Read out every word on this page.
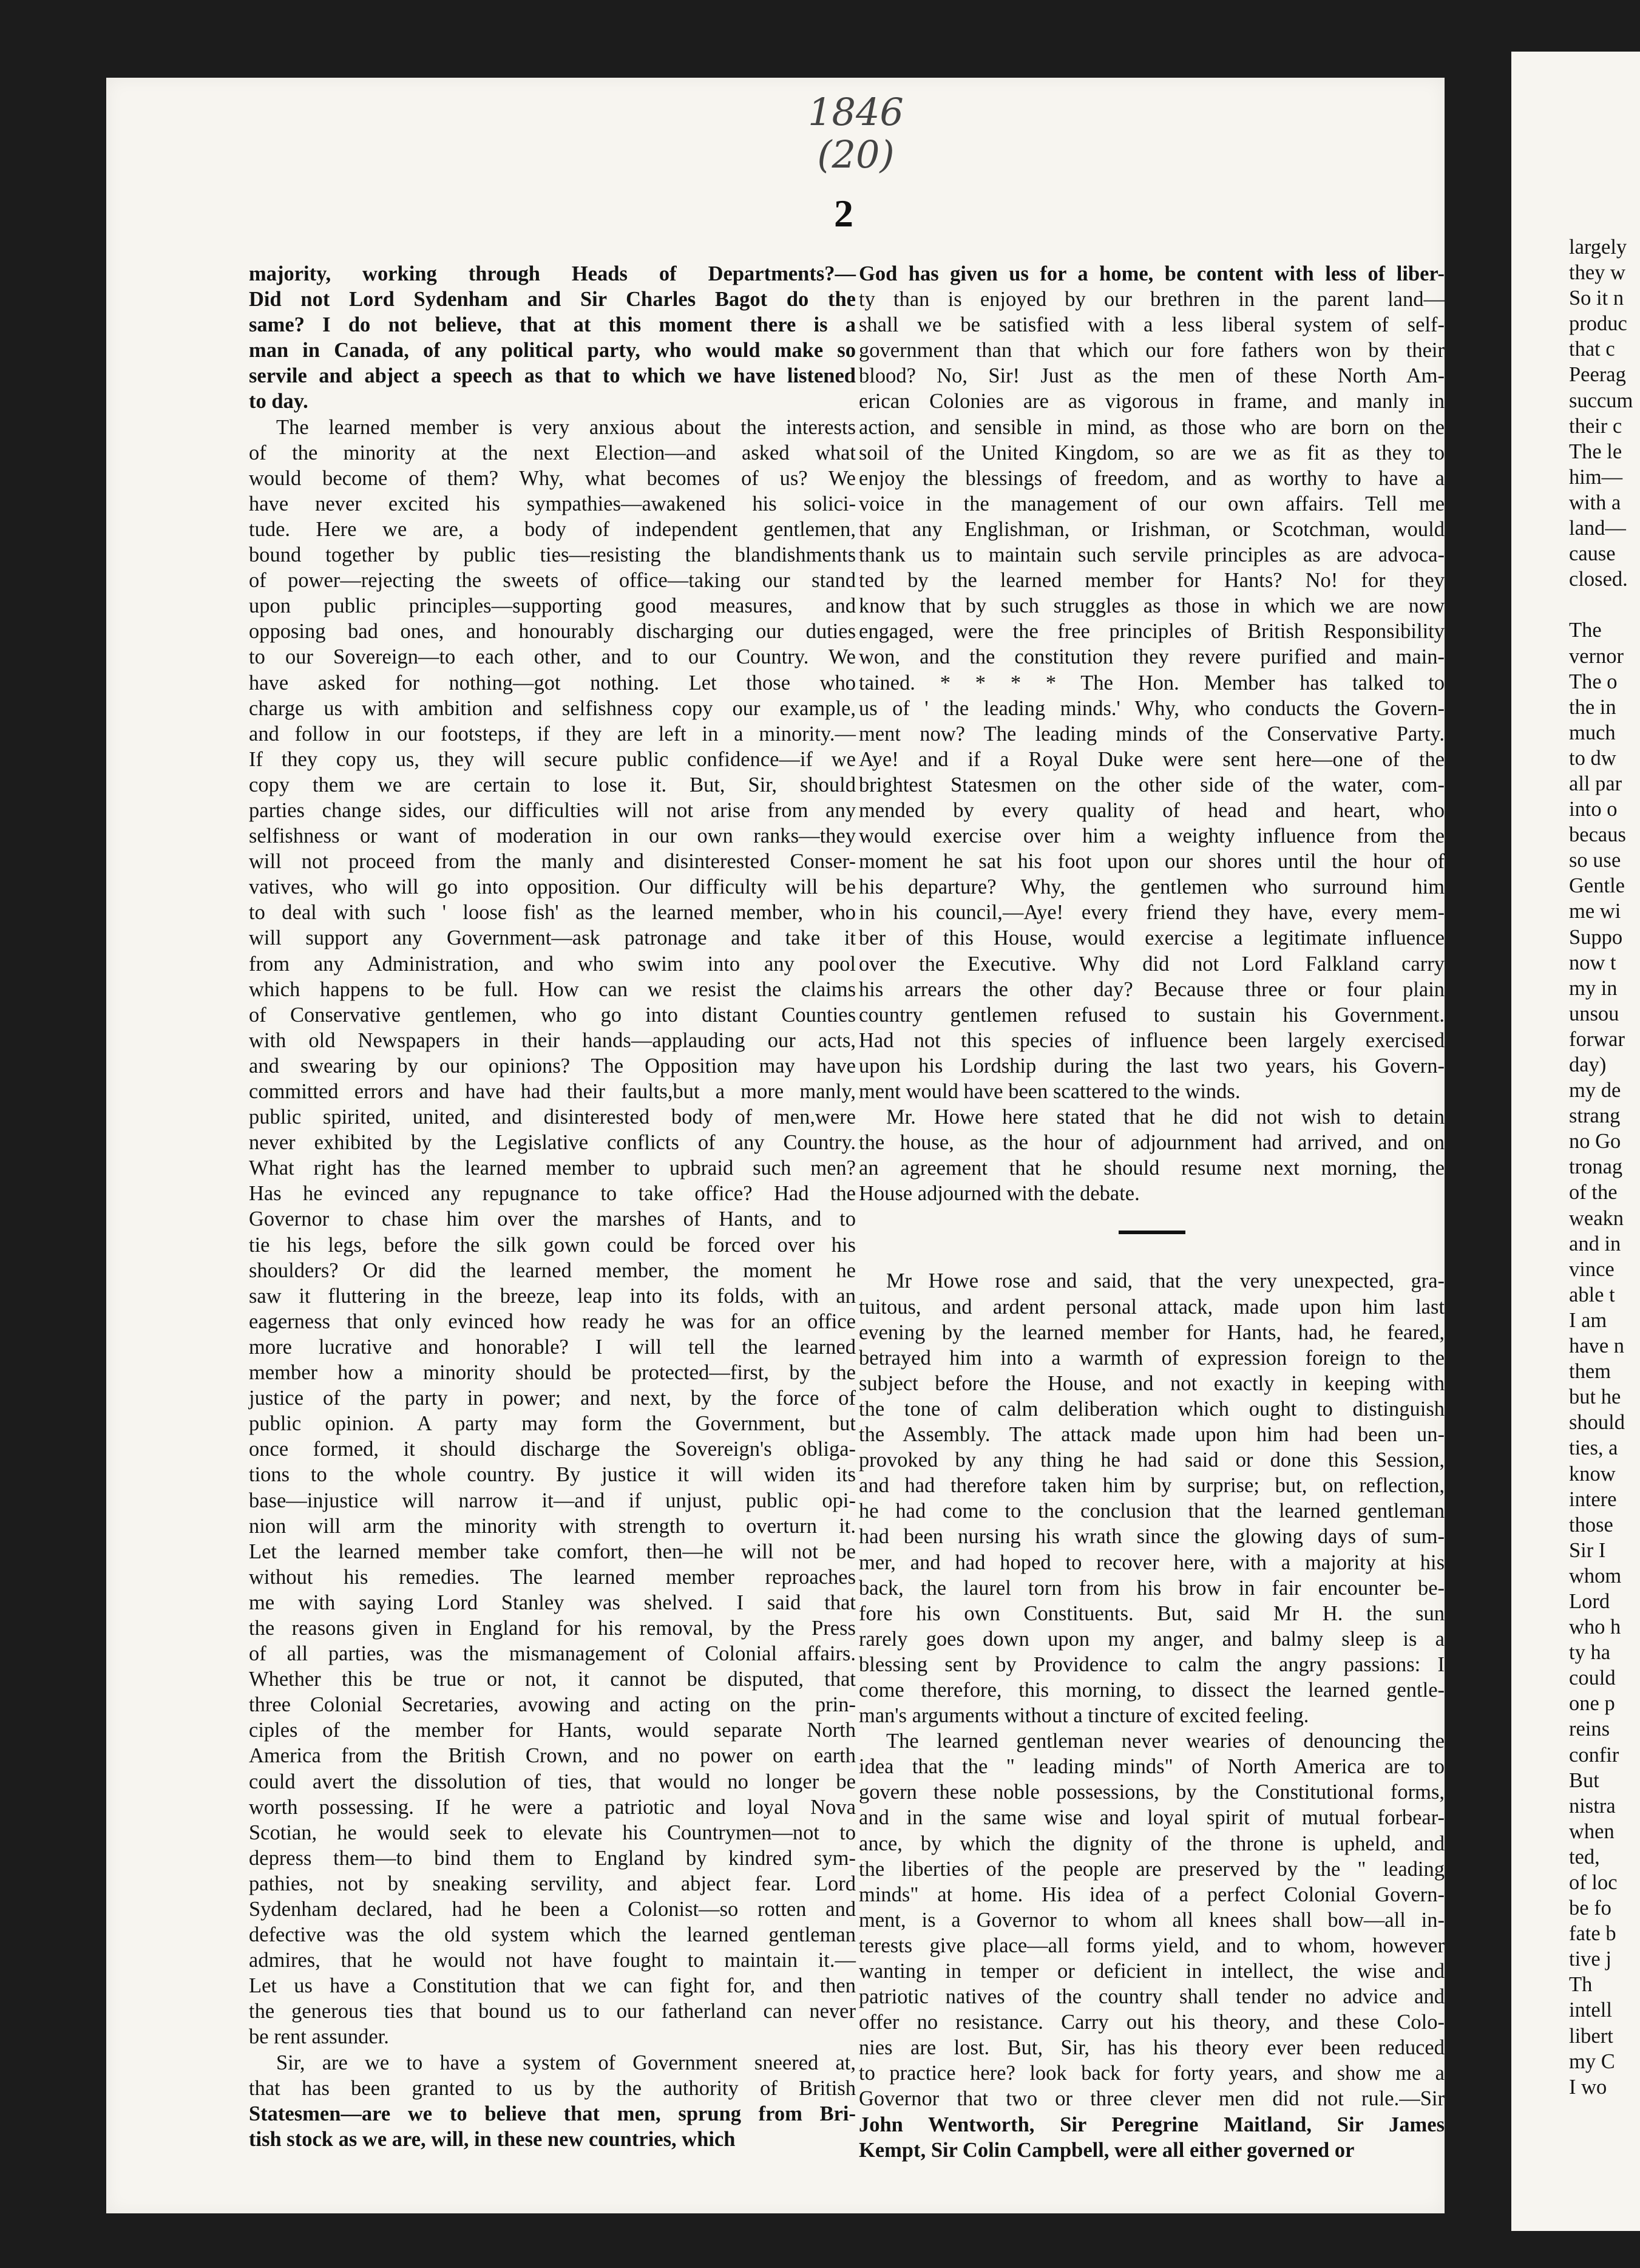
1846
(20)
2

majority, working through Heads of Departments?—
Did not Lord Sydenham and Sir Charles Bagot do the
same? I do not believe, that at this moment there is a
man in Canada, of any political party, who would make so
servile and abject a speech as that to which we have listened
to day.

The learned member is very anxious about the interests
of the minority at the next Election—and asked what
would become of them? Why, what becomes of us? We
have never excited his sympathies—awakened his solici-
tude. Here we are, a body of independent gentlemen,
bound together by public ties—resisting the blandishments
of power—rejecting the sweets of office—taking our stand
upon public principles—supporting good measures, and
opposing bad ones, and honourably discharging our duties
to our Sovereign—to each other, and to our Country. We
have asked for nothing—got nothing. Let those who
charge us with ambition and selfishness copy our example,
and follow in our footsteps, if they are left in a minority.—
If they copy us, they will secure public confidence—if we
copy them we are certain to lose it. But, Sir, should
parties change sides, our difficulties will not arise from any
selfishness or want of moderation in our own ranks—they
will not proceed from the manly and disinterested Conser-
vatives, who will go into opposition. Our difficulty will be
to deal with such ' loose fish' as the learned member, who
will support any Government—ask patronage and take it
from any Administration, and who swim into any pool
which happens to be full. How can we resist the claims
of Conservative gentlemen, who go into distant Counties
with old Newspapers in their hands—applauding our acts,
and swearing by our opinions? The Opposition may have
committed errors and have had their faults,but a more manly,
public spirited, united, and disinterested body of men,were
never exhibited by the Legislative conflicts of any Country.
What right has the learned member to upbraid such men?
Has he evinced any repugnance to take office? Had the
Governor to chase him over the marshes of Hants, and to
tie his legs, before the silk gown could be forced over his
shoulders? Or did the learned member, the moment he
saw it fluttering in the breeze, leap into its folds, with an
eagerness that only evinced how ready he was for an office
more lucrative and honorable? I will tell the learned
member how a minority should be protected—first, by the
justice of the party in power; and next, by the force of
public opinion. A party may form the Government, but
once formed, it should discharge the Sovereign's obliga-
tions to the whole country. By justice it will widen its
base—injustice will narrow it—and if unjust, public opi-
nion will arm the minority with strength to overturn it.
Let the learned member take comfort, then—he will not be
without his remedies. The learned member reproaches
me with saying Lord Stanley was shelved. I said that
the reasons given in England for his removal, by the Press
of all parties, was the mismanagement of Colonial affairs.
Whether this be true or not, it cannot be disputed, that
three Colonial Secretaries, avowing and acting on the prin-
ciples of the member for Hants, would separate North
America from the British Crown, and no power on earth
could avert the dissolution of ties, that would no longer be
worth possessing. If he were a patriotic and loyal Nova
Scotian, he would seek to elevate his Countrymen—not to
depress them—to bind them to England by kindred sym-
pathies, not by sneaking servility, and abject fear. Lord
Sydenham declared, had he been a Colonist—so rotten and
defective was the old system which the learned gentleman
admires, that he would not have fought to maintain it.—
Let us have a Constitution that we can fight for, and then
the generous ties that bound us to our fatherland can never
be rent assunder.

Sir, are we to have a system of Government sneered at,
that has been granted to us by the authority of British
Statesmen—are we to believe that men, sprung from Bri-
tish stock as we are, will, in these new countries, which

God has given us for a home, be content with less of liber-
ty than is enjoyed by our brethren in the parent land—
shall we be satisfied with a less liberal system of self-
government than that which our fore fathers won by their
blood? No, Sir! Just as the men of these North Am-
erican Colonies are as vigorous in frame, and manly in
action, and sensible in mind, as those who are born on the
soil of the United Kingdom, so are we as fit as they to
enjoy the blessings of freedom, and as worthy to have a
voice in the management of our own affairs. Tell me
that any Englishman, or Irishman, or Scotchman, would
thank us to maintain such servile principles as are advoca-
ted by the learned member for Hants? No! for they
know that by such struggles as those in which we are now
engaged, were the free principles of British Responsibility
won, and the constitution they revere purified and main-
tained. * * * * The Hon. Member has talked to
us of ' the leading minds.' Why, who conducts the Govern-
ment now? The leading minds of the Conservative Party.
Aye! and if a Royal Duke were sent here—one of the
brightest Statesmen on the other side of the water, com-
mended by every quality of head and heart, who
would exercise over him a weighty influence from the
moment he sat his foot upon our shores until the hour of
his departure? Why, the gentlemen who surround him
in his council,—Aye! every friend they have, every mem-
ber of this House, would exercise a legitimate influence
over the Executive. Why did not Lord Falkland carry
his arrears the other day? Because three or four plain
country gentlemen refused to sustain his Government.
Had not this species of influence been largely exercised
upon his Lordship during the last two years, his Govern-
ment would have been scattered to the winds.

Mr. Howe here stated that he did not wish to detain
the house, as the hour of adjournment had arrived, and on
an agreement that he should resume next morning, the
House adjourned with the debate.

Mr Howe rose and said, that the very unexpected, gra-
tuitous, and ardent personal attack, made upon him last
evening by the learned member for Hants, had, he feared,
betrayed him into a warmth of expression foreign to the
subject before the House, and not exactly in keeping with
the tone of calm deliberation which ought to distinguish
the Assembly. The attack made upon him had been un-
provoked by any thing he had said or done this Session,
and had therefore taken him by surprise; but, on reflection,
he had come to the conclusion that the learned gentleman
had been nursing his wrath since the glowing days of sum-
mer, and had hoped to recover here, with a majority at his
back, the laurel torn from his brow in fair encounter be-
fore his own Constituents. But, said Mr H. the sun
rarely goes down upon my anger, and balmy sleep is a
blessing sent by Providence to calm the angry passions: I
come therefore, this morning, to dissect the learned gentle-
man's arguments without a tincture of excited feeling.

The learned gentleman never wearies of denouncing the
idea that the " leading minds" of North America are to
govern these noble possessions, by the Constitutional forms,
and in the same wise and loyal spirit of mutual forbear-
ance, by which the dignity of the throne is upheld, and
the liberties of the people are preserved by the " leading
minds" at home. His idea of a perfect Colonial Govern-
ment, is a Governor to whom all knees shall bow—all in-
terests give place—all forms yield, and to whom, however
wanting in temper or deficient in intellect, the wise and
patriotic natives of the country shall tender no advice and
offer no resistance. Carry out his theory, and these Colo-
nies are lost. But, Sir, has his theory ever been reduced
to practice here? look back for forty years, and show me a
Governor that two or three clever men did not rule.—Sir
John Wentworth, Sir Peregrine Maitland, Sir James
Kempt, Sir Colin Campbell, were all either governed or

largely
they w
So it n
produc
that c
Peerag
succum
their c
The le
him—
with a
land—
cause
closed.

The
vernor
The o
the in
much
to dw
all par
into o
becaus
so use
Gentle
me wi
Suppo
now t
my in
unsou
forwar
day)
my de
strang
no Go
tronag
of the
weakn
and in
vince
able t
I am
have n
them
but he
should
ties, a
know
intere
those
Sir I
whom
Lord
who h
ty ha
could
one p
reins
confir
But
nistra
when
ted,
of loc
be fo
fate b
tive j
Th
intell
libert
my C
I wo
